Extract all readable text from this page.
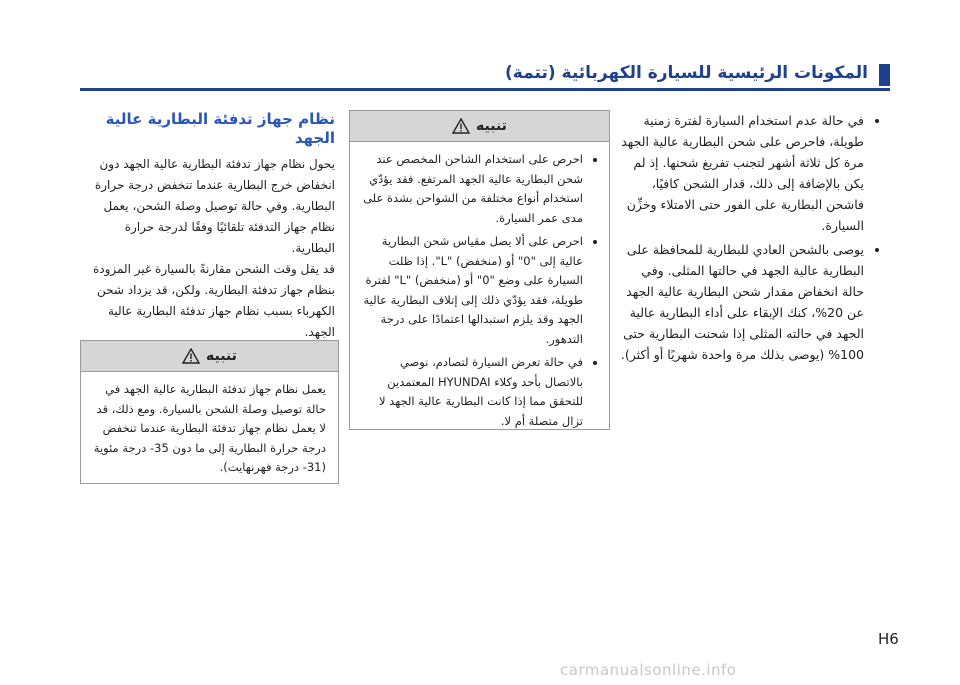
المكونات الرئيسية للسيارة الكهربائية (تتمة)
• في حالة عدم استخدام السيارة لفترة زمنية طويلة، فاحرص على شحن البطارية عالية الجهد مرة كل ثلاثة أشهر لتجنب تفريغ شحنها. إذ لم يكن بالإضافة إلى ذلك، قدار الشحن كافيًا، فاشحن البطارية على الفور حتى الامتلاء وخزِّن السيارة.
• يوصى بالشحن العادي للبطارية للمحافظة على البطارية عالية الجهد في حالتها المثلى. وفي حالة انخفاض مقدار شحن البطارية عالية الجهد عن 20%، كنك الإبقاء على أداء البطارية عالية الجهد في حالته المثلى إذا شحنت البطارية حتى 100% (يوصى بذلك مرة واحدة شهريًا أو أكثر).
تنبيه
• احرص على استخدام الشاحن المخصص عند شحن البطارية عالية الجهد المرتفع. فقد يؤدّي استخدام أنواع مختلفة من الشواحن بشدة على مدى عمر السيارة.
• احرص على ألا يصل مقياس شحن البطارية عالية إلى "0" أو (منخفض) "L". إذا ظلت السيارة على وضع "0" أو (منخفض) "L" لفترة طويلة، فقد يؤدّي ذلك إلى إتلاف البطارية عالية الجهد وقد يلزم استبدالها اعتمادًا على درجة التدهور.
• في حالة تعرض السيارة لتصادم، نوصي بالاتصال بأحد وكلاء HYUNDAI المعتمدين للتحقق مما إذا كانت البطارية عالية الجهد لا تزال متصلة أم لا.
نظام جهاز تدفئة البطارية عالية الجهد

يحول نظام جهاز تدفئة البطارية عالية الجهد دون انخفاض خرج البطارية عندما تنخفض درجة حرارة البطارية. وفي حالة توصيل وصلة الشحن، يعمل نظام جهاز التدفئة تلقائيًا وفقًا لدرجة حرارة البطارية.

قد يقل وقت الشحن مقارنةً بالسيارة غير المزودة بنظام جهاز تدفئة البطارية. ولكن، قد يزداد شحن الكهرباء بسبب نظام جهاز تدفئة البطارية عالية الجهد.

تنبيه

يعمل نظام جهاز تدفئة البطارية عالية الجهد في حالة توصيل وصلة الشحن بالسيارة. ومع ذلك، قد لا يعمل نظام جهاز تدفئة البطارية عندما تنخفض درجة حرارة البطارية إلى ما دون 35- درجة مئوية (31- درجة فهرنهايت).

H6
carmanualsonline.info
